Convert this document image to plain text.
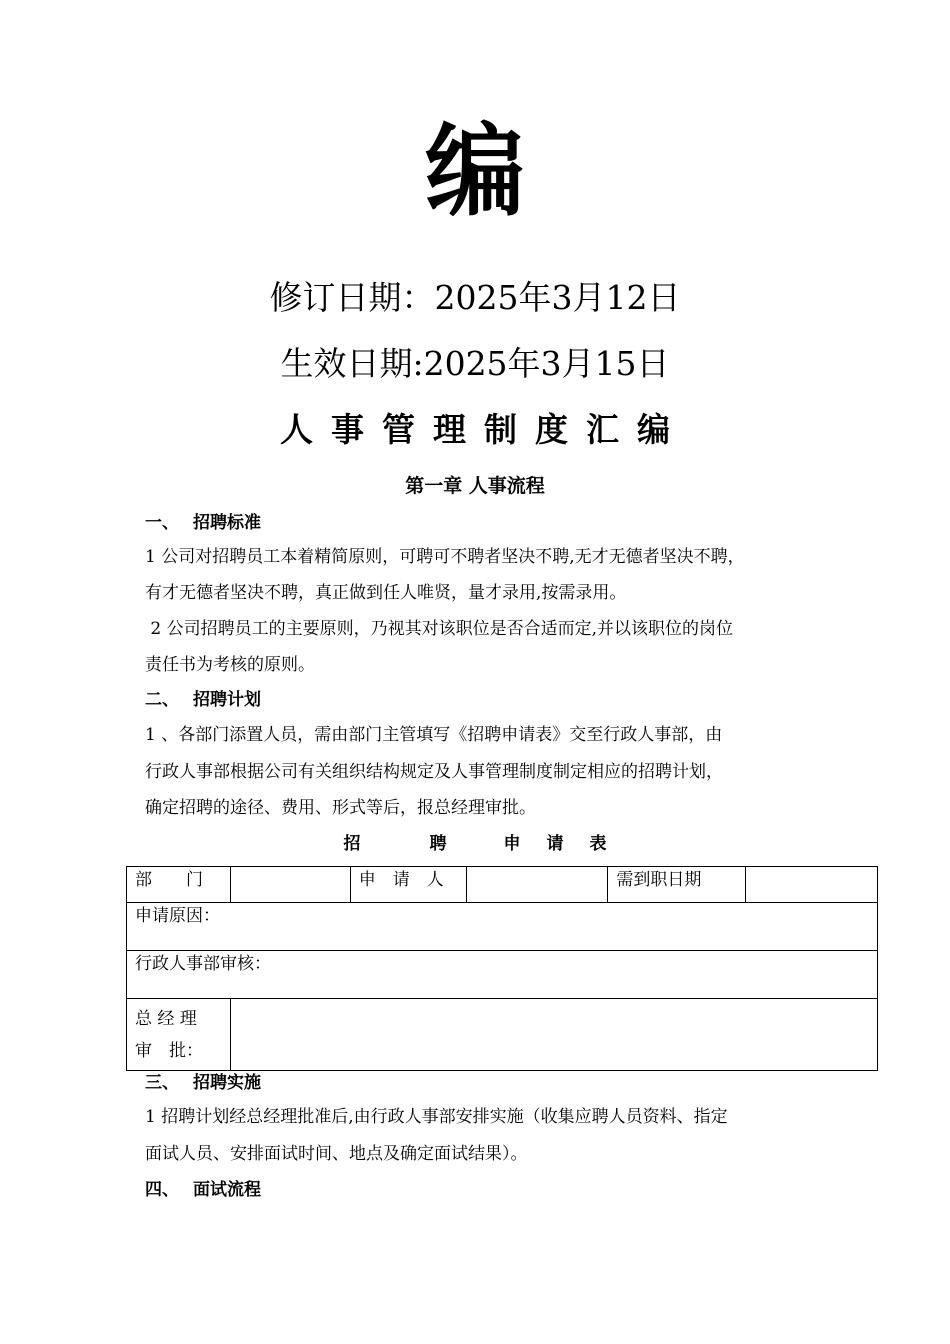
编
修订日期：2025年3月12日
生效日期:2025年3月15日
人事管理制度汇编
第一章 人事流程
一、 招聘标准
1 公司对招聘员工本着精简原则，可聘可不聘者坚决不聘,无才无德者坚决不聘，
有才无德者坚决不聘，真正做到任人唯贤，量才录用,按需录用。
2 公司招聘员工的主要原则，乃视其对该职位是否合适而定,并以该职位的岗位
责任书为考核的原则。
二、 招聘计划
1 、各部门添置人员，需由部门主管填写《招聘申请表》交至行政人事部，由
行政人事部根据公司有关组织结构规定及人事管理制度制定相应的招聘计划，
确定招聘的途径、费用、形式等后，报总经理审批。
招	聘	申 请 表
部　　门		申　请　人		需到职日期	
申请原因：					
行政人事部审核：					

总 经 理
审　批：					

三、 招聘实施
1 招聘计划经总经理批准后,由行政人事部安排实施（收集应聘人员资料、指定
面试人员、安排面试时间、地点及确定面试结果）。
四、 面试流程
